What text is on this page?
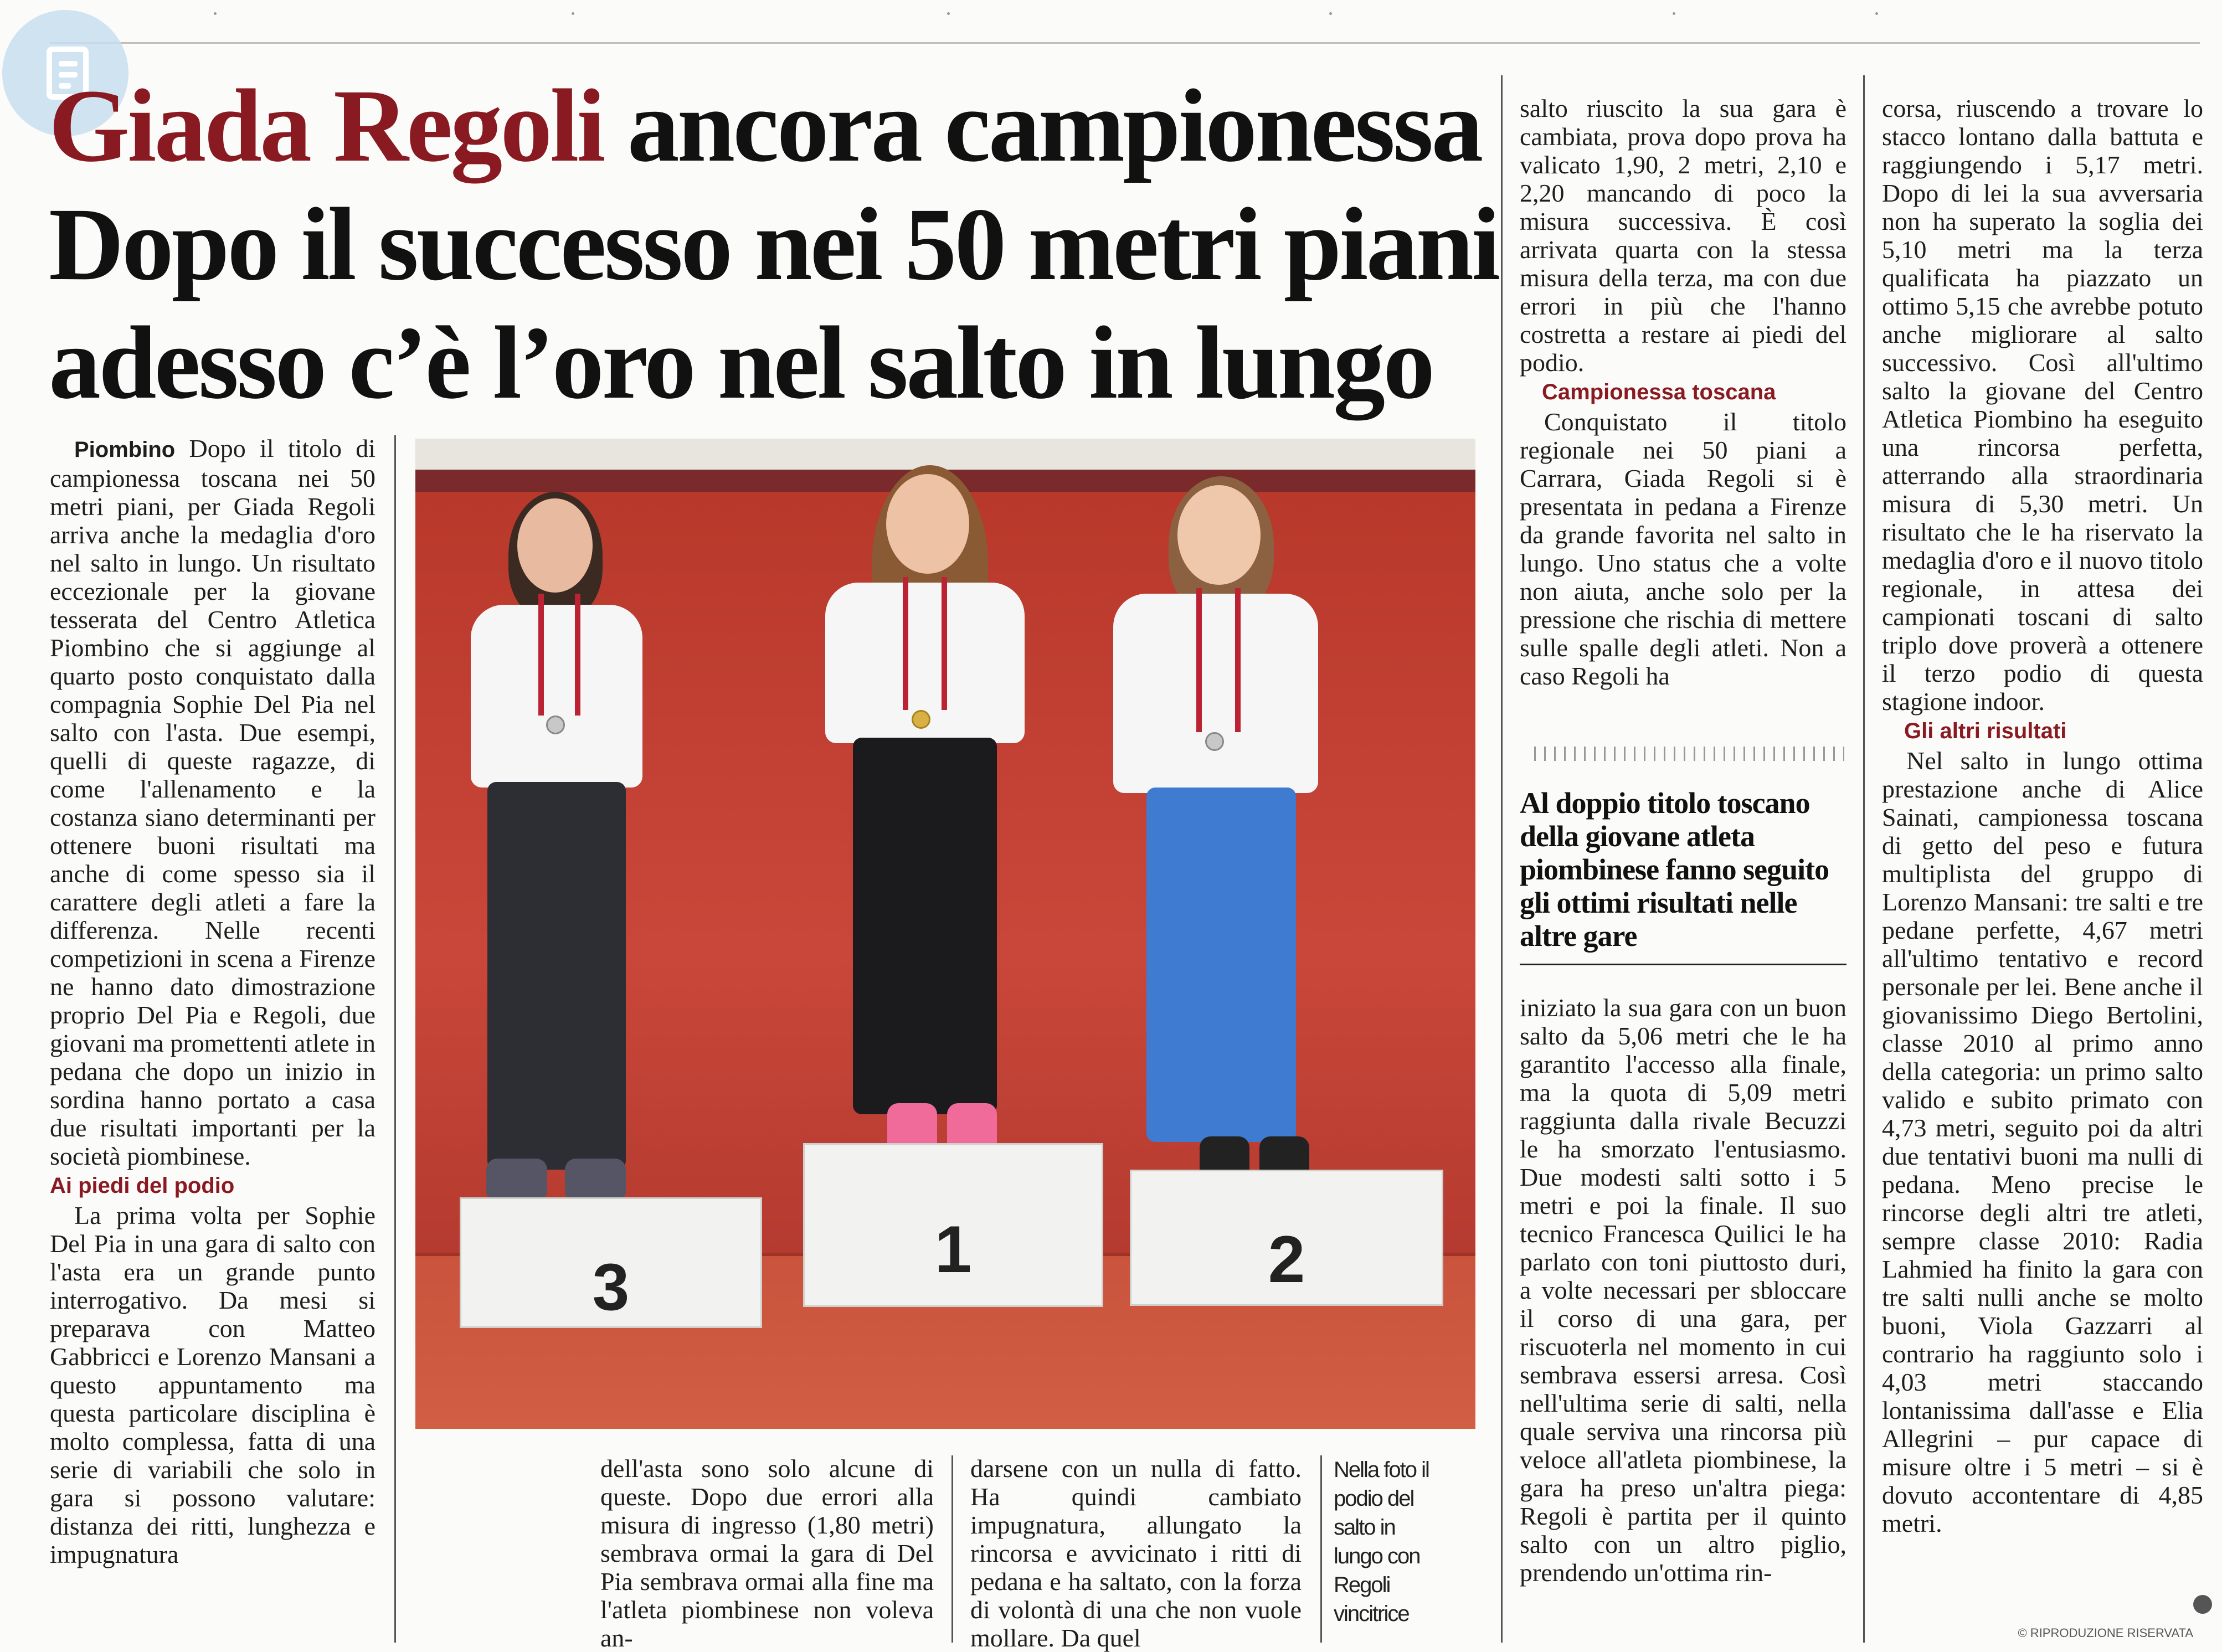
Giada Regoli ancora campionessa
Dopo il successo nei 50 metri piani
adesso c’è l’oro nel salto in lungo

Piombino Dopo il titolo di campionessa toscana nei 50 metri piani, per Giada Regoli arriva anche la medaglia d'oro nel salto in lungo. Un risultato eccezionale per la giovane tesserata del Centro Atletica Piombino che si aggiunge al quarto posto conquistato dalla compagnia Sophie Del Pia nel salto con l'asta. Due esempi, quelli di queste ragazze, di come l'allenamento e la costanza siano determinanti per ottenere buoni risultati ma anche di come spesso sia il carattere degli atleti a fare la differenza. Nelle recenti competizioni in scena a Firenze ne hanno dato dimostrazione proprio Del Pia e Regoli, due giovani ma promettenti atlete in pedana che dopo un inizio in sordina hanno portato a casa due risultati importanti per la società piombinese.

Ai piedi del podio

La prima volta per Sophie Del Pia in una gara di salto con l'asta era un grande punto interrogativo. Da mesi si preparava con Matteo Gabbricci e Lorenzo Mansani a questo appuntamento ma questa particolare disciplina è molto complessa, fatta di una serie di variabili che solo in gara si possono valutare: distanza dei ritti, lunghezza e impugnatura

3
1	2

dell'asta sono solo alcune di queste. Dopo due errori alla misura di ingresso (1,80 metri) sembrava ormai la gara di Del Pia sembrava ormai alla fine ma l'atleta piombinese non voleva an-

darsene con un nulla di fatto. Ha quindi cambiato impugnatura, allungato la rincorsa e avvicinato i ritti di pedana e ha saltato, con la forza di volontà di una che non vuole mollare. Da quel

Nella foto il podio del salto in lungo con Regoli vincitrice

salto riuscito la sua gara è cambiata, prova dopo prova ha valicato 1,90, 2 metri, 2,10 e 2,20 mancando di poco la misura successiva. È così arrivata quarta con la stessa misura della terza, ma con due errori in più che l'hanno costretta a restare ai piedi del podio.

Campionessa toscana

Conquistato il titolo regionale nei 50 piani a Carrara, Giada Regoli si è presentata in pedana a Firenze da grande favorita nel salto in lungo. Uno status che a volte non aiuta, anche solo per la pressione che rischia di mettere sulle spalle degli atleti. Non a caso Regoli ha

Al doppio titolo toscano della giovane atleta piombinese fanno seguito gli ottimi risultati nelle altre gare

iniziato la sua gara con un buon salto da 5,06 metri che le ha garantito l'accesso alla finale, ma la quota di 5,09 metri raggiunta dalla rivale Becuzzi le ha smorzato l'entusiasmo. Due modesti salti sotto i 5 metri e poi la finale. Il suo tecnico Francesca Quilici le ha parlato con toni piuttosto duri, a volte necessari per sbloccare il corso di una gara, per riscuoterla nel momento in cui sembrava essersi arresa. Così nell'ultima serie di salti, nella quale serviva una rincorsa più veloce all'atleta piombinese, la gara ha preso un'altra piega: Regoli è partita per il quinto salto con un altro piglio, prendendo un'ottima rin-

corsa, riuscendo a trovare lo stacco lontano dalla battuta e raggiungendo i 5,17 metri. Dopo di lei la sua avversaria non ha superato la soglia dei 5,10 metri ma la terza qualificata ha piazzato un ottimo 5,15 che avrebbe potuto anche migliorare al salto successivo. Così all'ultimo salto la giovane del Centro Atletica Piombino ha eseguito una rincorsa perfetta, atterrando alla straordinaria misura di 5,30 metri. Un risultato che le ha riservato la medaglia d'oro e il nuovo titolo regionale, in attesa dei campionati toscani di salto triplo dove proverà a ottenere il terzo podio di questa stagione indoor.

Gli altri risultati

Nel salto in lungo ottima prestazione anche di Alice Sainati, campionessa toscana di getto del peso e futura multiplista del gruppo di Lorenzo Mansani: tre salti e tre pedane perfette, 4,67 metri all'ultimo tentativo e record personale per lei. Bene anche il giovanissimo Diego Bertolini, classe 2010 al primo anno della categoria: un primo salto valido e subito primato con 4,73 metri, seguito poi da altri due tentativi buoni ma nulli di pedana. Meno precise le rincorse degli altri tre atleti, sempre classe 2010: Radia Lahmied ha finito la gara con tre salti nulli anche se molto buoni, Viola Gazzarri al contrario ha raggiunto solo i 4,03 metri staccando lontanissima dall'asse e Elia Allegrini – pur capace di misure oltre i 5 metri – si è dovuto accontentare di 4,85 metri.

© RIPRODUZIONE RISERVATA
